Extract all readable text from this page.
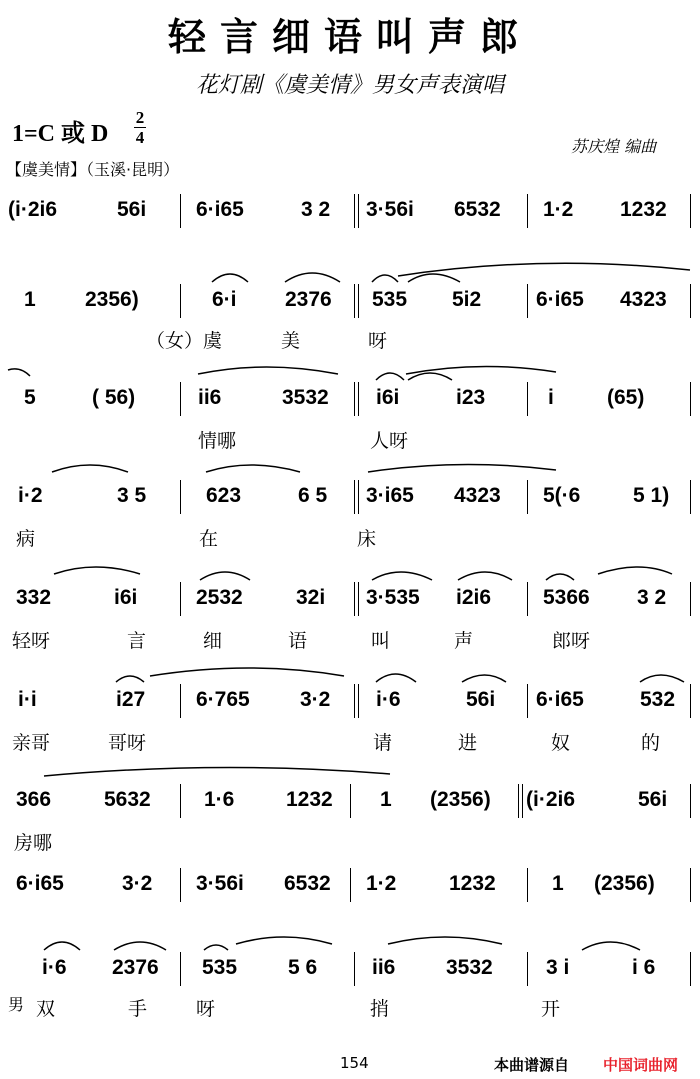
轻言细语叫声郎
花灯剧《虞美情》男女声表演唱
1=C 或 D
2
4	苏庆煌 编曲
【虞美情】（玉溪·昆明）
(i·2i6	56i 6·i65	3 2 3·56i 6532 1·2 1232
1 2356)	6·i 2376 535 5i2	6·i65 4323
（女）虞	美	呀
5	( 56)	ii6	3532 i6i	i23	i	(65)
情哪	人呀
i·2	3 5	623	6 5 3·i65 4323 5(·6	5 1)
病	在	床
332	i6i	2532	32i 3·535 i2i6 5366 3 2
轻呀	言	细	语	叫	声	郎呀
i·i	i27 6·765 3·2 i·6	56i 6·i65	532
亲哥	哥呀	请	进	奴	的
366	5632	1·6 1232 1 (2356) (i·2i6	56i
房哪
6·i65	3·2 3·56i 6532 1·2	1232	1 (2356)
i·6 2376 535 5 6	ii6 3532	3 i	i 6
男 双	手	呀	捎	开
154	本曲谱源自 中国词曲网
